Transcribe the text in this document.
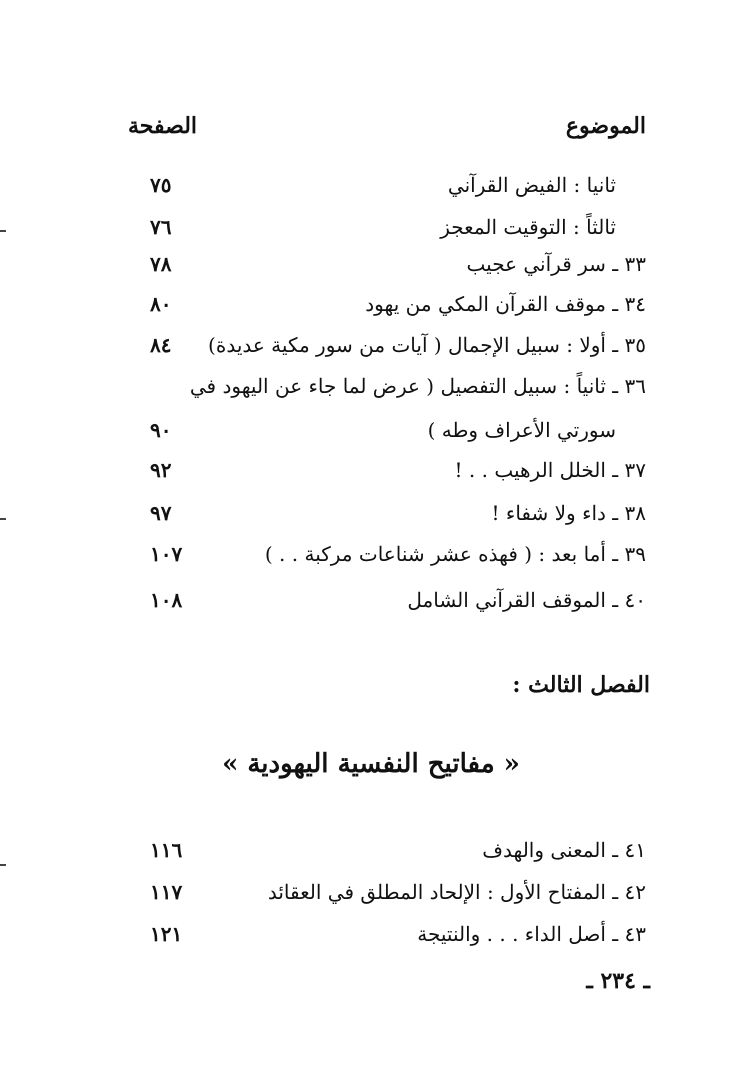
الموضوع
الصفحة
ثانيا : الفيض القرآني
٧٥
ثالثاً : التوقيت المعجز
٧٦
٣٣ ـ سر قرآني عجيب
٧٨
٣٤ ـ موقف القرآن المكي من يهود
٨٠
٣٥ ـ أولا : سبيل الإجمال ( آيات من سور مكية عديدة)
٨٤
٣٦ ـ ثانياً : سبيل التفصيل ( عرض لما جاء عن اليهود في
سورتي الأعراف وطه )
٩٠
٣٧ ـ الخلل الرهيب . . !
٩٢
٣٨ ـ داء ولا شفاء !
٩٧
٣٩ ـ أما بعد : ( فهذه عشر شناعات مركبة . . )
١٠٧
٤٠ ـ الموقف القرآني الشامل
١٠٨
الفصل الثالث :
« مفاتيح النفسية اليهودية »
٤١ ـ المعنى والهدف
١١٦
٤٢ ـ المفتاح الأول : الإلحاد المطلق في العقائد
١١٧
٤٣ ـ أصل الداء . . . والنتيجة
١٢١
ـ ٢٣٤ ـ
